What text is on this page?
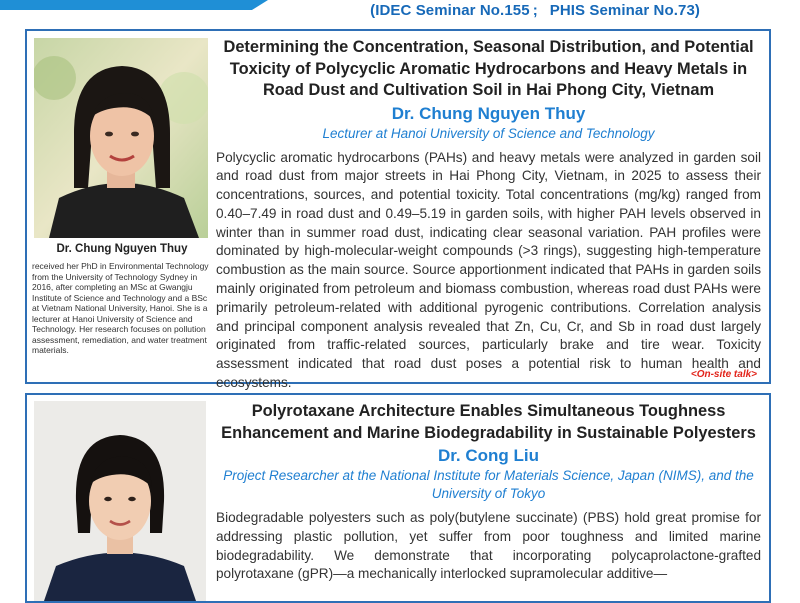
(IDEC Seminar No.155 ;  PHIS Seminar No.73)
Dr. Chung Nguyen Thuy
received her PhD in Environmental Technology from the University of Technology Sydney in 2016, after completing an MSc at Gwangju Institute of Science and Technology and a BSc at Vietnam National University, Hanoi. She is a lecturer at Hanoi University of Science and Technology. Her research focuses on pollution assessment, remediation, and water treatment materials.
Determining the Concentration, Seasonal Distribution, and Potential Toxicity of Polycyclic Aromatic Hydrocarbons and Heavy Metals in Road Dust and Cultivation Soil in Hai Phong City, Vietnam
Dr. Chung Nguyen Thuy
Lecturer at Hanoi University of Science and Technology
Polycyclic aromatic hydrocarbons (PAHs) and heavy metals were analyzed in garden soil and road dust from major streets in Hai Phong City, Vietnam, in 2025 to assess their concentrations, sources, and potential toxicity. Total concentrations (mg/kg) ranged from 0.40–7.49 in road dust and 0.49–5.19 in garden soils, with higher PAH levels observed in winter than in summer road dust, indicating clear seasonal variation. PAH profiles were dominated by high-molecular-weight compounds (>3 rings), suggesting high-temperature combustion as the main source. Source apportionment indicated that PAHs in garden soils mainly originated from petroleum and biomass combustion, whereas road dust PAHs were primarily petroleum-related with additional pyrogenic contributions. Correlation analysis and principal component analysis revealed that Zn, Cu, Cr, and Sb in road dust largely originated from traffic-related sources, particularly brake and tire wear. Toxicity assessment indicated that road dust poses a potential risk to human health and ecosystems.
<On-site talk>
Polyrotaxane Architecture Enables Simultaneous Toughness Enhancement and Marine Biodegradability in Sustainable Polyesters
Dr. Cong Liu
Project Researcher at the National Institute for Materials Science, Japan (NIMS), and the University of Tokyo
Biodegradable polyesters such as poly(butylene succinate) (PBS) hold great promise for addressing plastic pollution, yet suffer from poor toughness and limited marine biodegradability. We demonstrate that incorporating polycaprolactone-grafted polyrotaxane (gPR)—a mechanically interlocked supramolecular additive—
